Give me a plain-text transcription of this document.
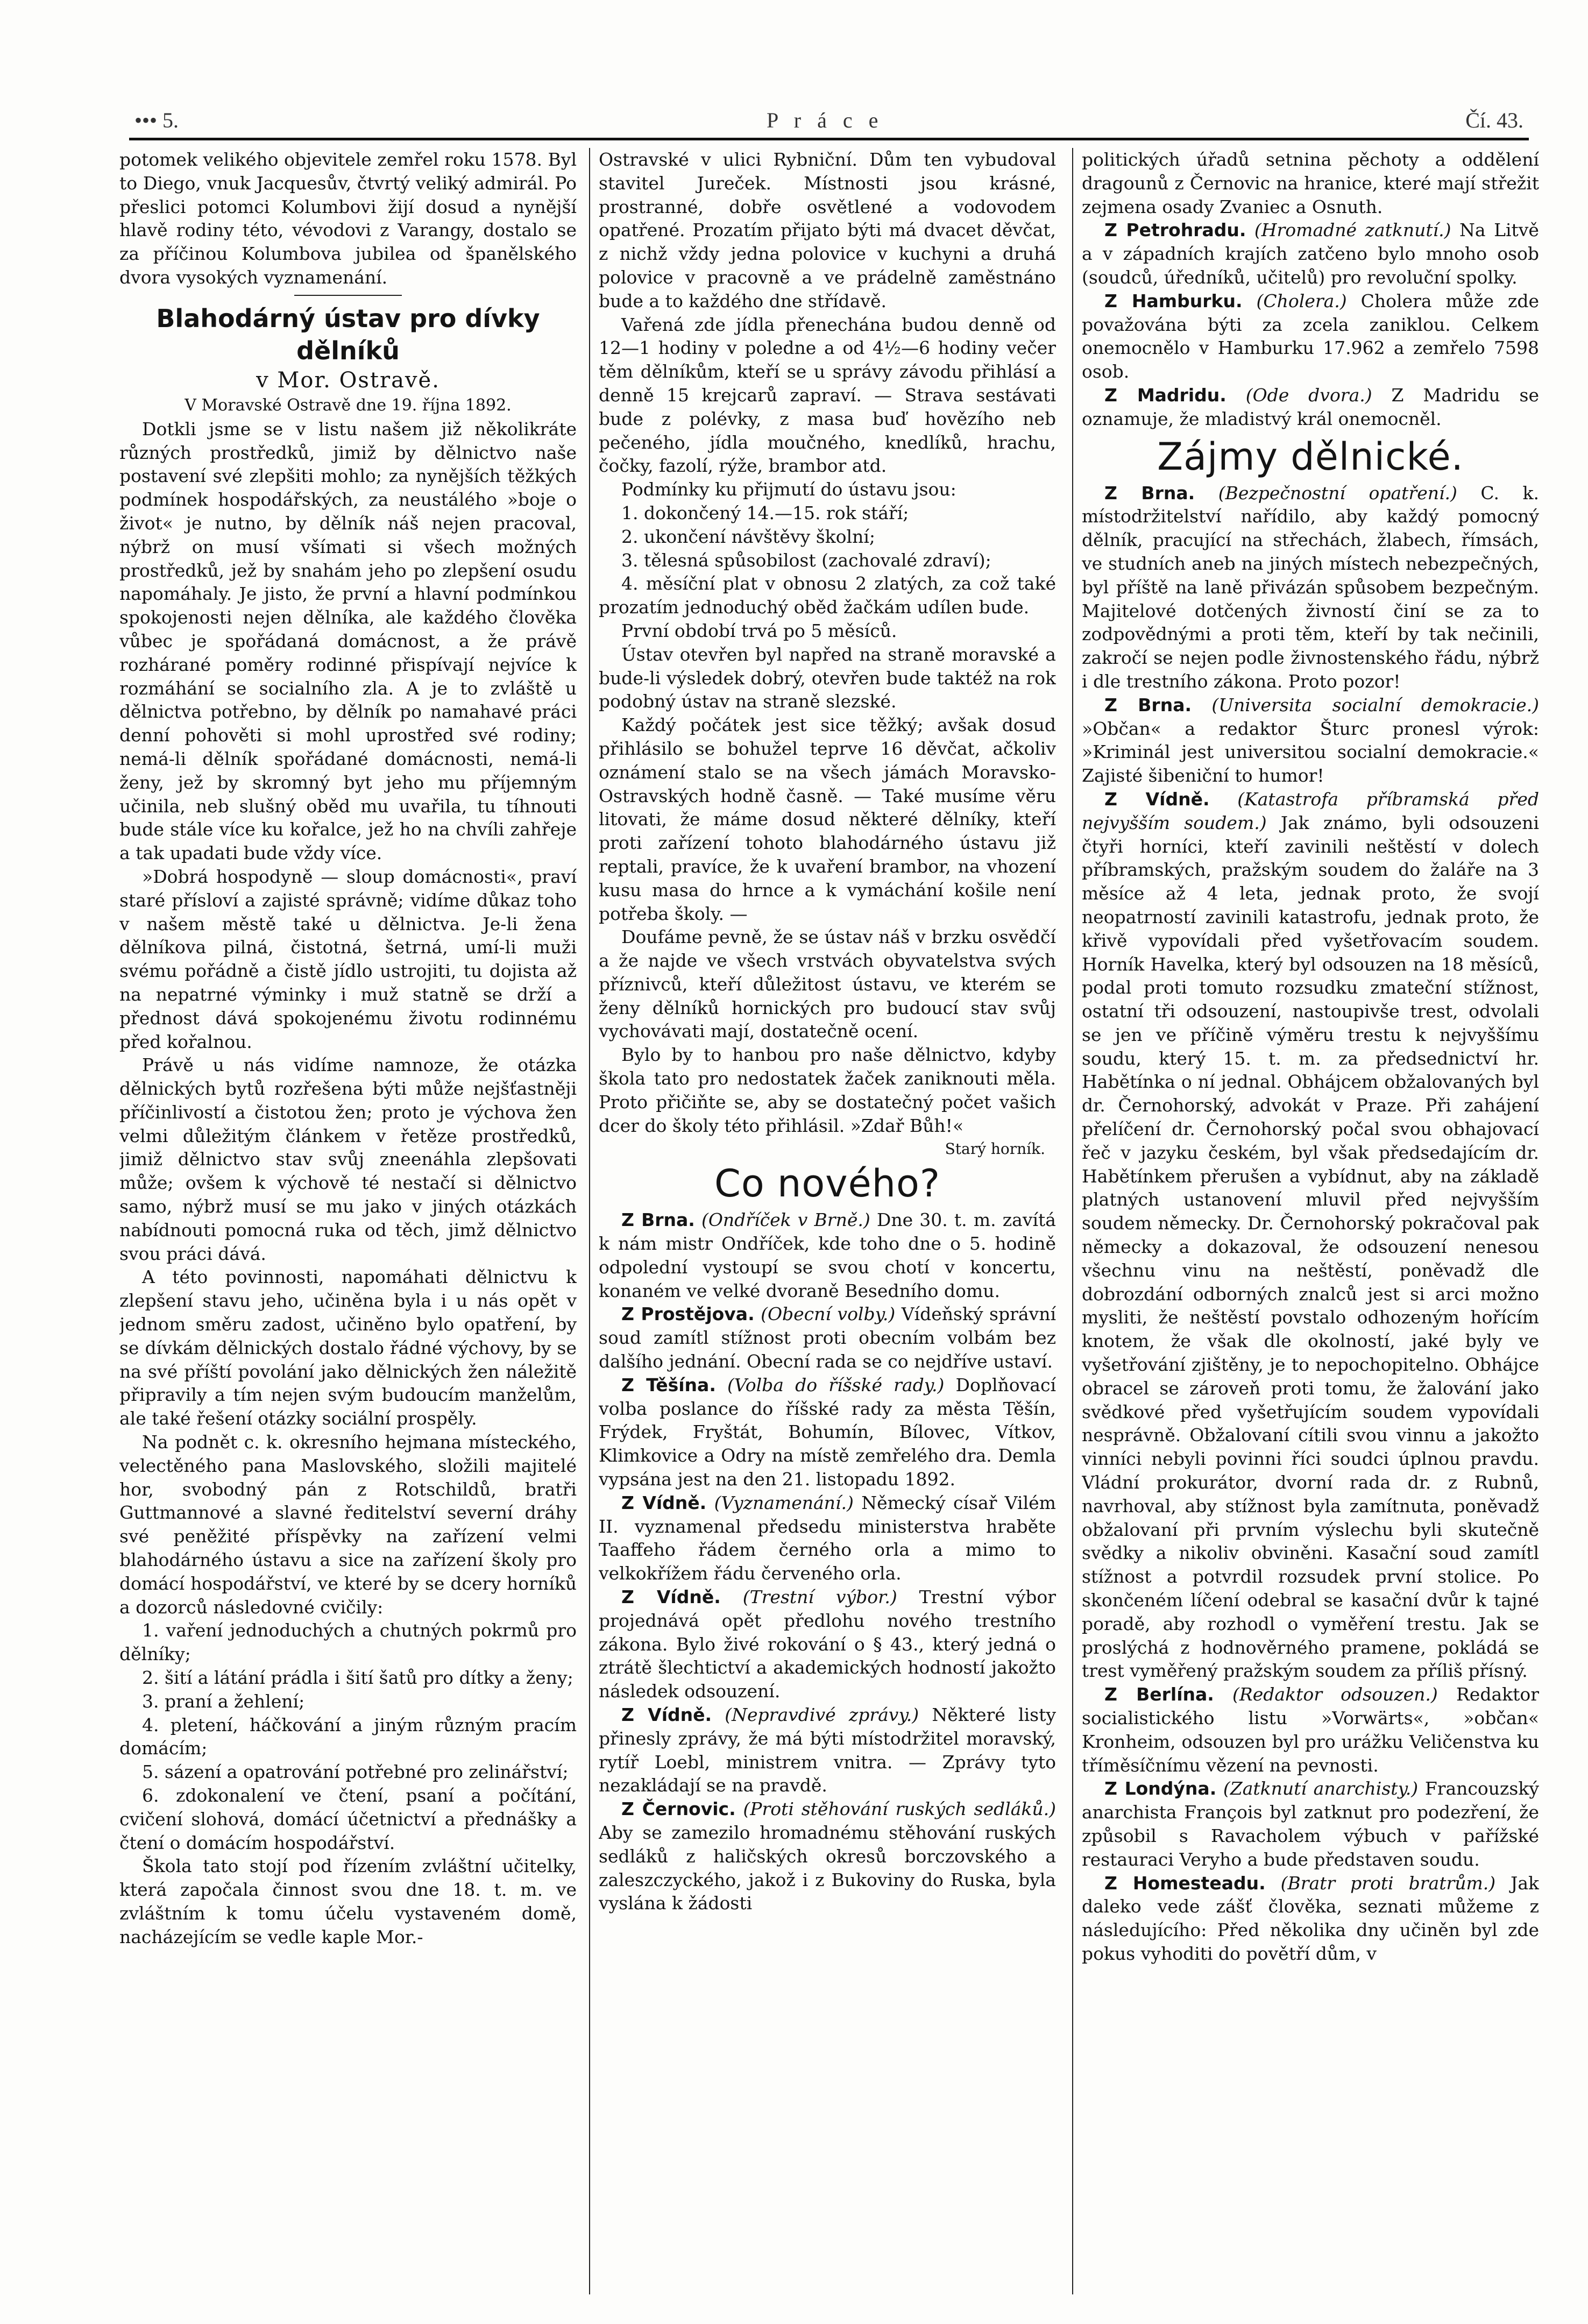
••• 5.	P r á c e	Čí. 43.

potomek velikého objevitele zemřel roku 1578. Byl to Diego, vnuk Jacquesův, čtvrtý veliký admirál. Po přeslici potomci Kolumbovi žijí dosud a nynější hlavě rodiny této, vévodovi z Varangy, dostalo se za příčinou Kolumbova jubilea od španělského dvora vysokých vyznamenání.

Blahodárný ústav pro dívky dělníků
v Mor. Ostravě.
V Moravské Ostravě dne 19. října 1892.

Dotkli jsme se v listu našem již několikráte různých prostředků, jimiž by dělnictvo naše postavení své zlepšiti mohlo; za nynějších těžkých podmínek hospodářských, za neustálého »boje o život« je nutno, by dělník náš nejen pracoval, nýbrž on musí všímati si všech možných prostředků, jež by snahám jeho po zlepšení osudu napomáhaly. Je jisto, že první a hlavní podmínkou spokojenosti nejen dělníka, ale každého člověka vůbec je spořádaná domácnost, a že právě rozhárané poměry rodinné přispívají nejvíce k rozmáhání se socialního zla. A je to zvláště u dělnictva potřebno, by dělník po namahavé práci denní pohověti si mohl uprostřed své rodiny; nemá-li dělník spořádané domácnosti, nemá-li ženy, jež by skromný byt jeho mu příjemným učinila, neb slušný oběd mu uvařila, tu tíhnouti bude stále více ku kořalce, jež ho na chvíli zahřeje a tak upadati bude vždy více.

»Dobrá hospodyně — sloup domácnosti«, praví staré přísloví a zajisté správně; vidíme důkaz toho v našem městě také u dělnictva. Je-li žena dělníkova pilná, čistotná, šetrná, umí-li muži svému pořádně a čistě jídlo ustrojiti, tu dojista až na nepatrné výminky i muž statně se drží a přednost dává spokojenému životu rodinnému před kořalnou.

Právě u nás vidíme namnoze, že otázka dělnických bytů rozřešena býti může nejšťastněji příčinlivostí a čistotou žen; proto je výchova žen velmi důležitým článkem v řetěze prostředků, jimiž dělnictvo stav svůj zneenáhla zlepšovati může; ovšem k výchově té nestačí si dělnictvo samo, nýbrž musí se mu jako v jiných otázkách nabídnouti pomocná ruka od těch, jimž dělnictvo svou práci dává.

A této povinnosti, napomáhati dělnictvu k zlepšení stavu jeho, učiněna byla i u nás opět v jednom směru zadost, učiněno bylo opatření, by se dívkám dělnických dostalo řádné výchovy, by se na své příští povolání jako dělnických žen náležitě připravily a tím nejen svým budoucím manželům, ale také řešení otázky sociální prospěly.

Na podnět c. k. okresního hejmana místeckého, velectěného pana Maslovského, složili majitelé hor, svobodný pán z Rotschildů, bratři Guttmannové a slavné ředitelství severní dráhy své peněžité příspěvky na zařízení velmi blahodárného ústavu a sice na zařízení školy pro domácí hospodářství, ve které by se dcery horníků a dozorců následovné cvičily:

1. vaření jednoduchých a chutných pokrmů pro dělníky;

2. šití a látání prádla i šití šatů pro dítky a ženy;

3. praní a žehlení;

4. pletení, háčkování a jiným různým pracím domácím;

5. sázení a opatrování potřebné pro zelinářství;

6. zdokonalení ve čtení, psaní a počítání, cvičení slohová, domácí účetnictví a přednášky a čtení o domácím hospodářství.

Škola tato stojí pod řízením zvláštní učitelky, která započala činnost svou dne 18. t. m. ve zvláštním k tomu účelu vystaveném domě, nacházejícím se vedle kaple Mor.-

Ostravské v ulici Rybniční. Dům ten vybudoval stavitel Jureček. Místnosti jsou krásné, prostranné, dobře osvětlené a vodovodem opatřené. Prozatím přijato býti má dvacet děvčat, z nichž vždy jedna polovice v kuchyni a druhá polovice v pracovně a ve prádelně zaměstnáno bude a to každého dne střídavě.

Vařená zde jídla přenechána budou denně od 12—1 hodiny v poledne a od 4½—6 hodiny večer těm dělníkům, kteří se u správy závodu přihlásí a denně 15 krejcarů zapraví. — Strava sestávati bude z polévky, z masa buď hovězího neb pečeného, jídla moučného, knedlíků, hrachu, čočky, fazolí, rýže, brambor atd.

Podmínky ku přijmutí do ústavu jsou:

1. dokončený 14.—15. rok stáří;

2. ukončení návštěvy školní;

3. tělesná spůsobilost (zachovalé zdraví);

4. měsíční plat v obnosu 2 zlatých, za což také prozatím jednoduchý oběd žačkám udílen bude.

První období trvá po 5 měsíců.

Ústav otevřen byl napřed na straně moravské a bude-li výsledek dobrý, otevřen bude taktéž na rok podobný ústav na straně slezské.

Každý počátek jest sice těžký; avšak dosud přihlásilo se bohužel teprve 16 děvčat, ačkoliv oznámení stalo se na všech jámách Moravsko-Ostravských hodně časně. — Také musíme věru litovati, že máme dosud některé dělníky, kteří proti zařízení tohoto blahodárného ústavu již reptali, pravíce, že k uvaření brambor, na vhození kusu masa do hrnce a k vymáchání košile není potřeba školy. —

Doufáme pevně, že se ústav náš v brzku osvědčí a že najde ve všech vrstvách obyvatelstva svých příznivců, kteří důležitost ústavu, ve kterém se ženy dělníků hornických pro budoucí stav svůj vychovávati mají, dostatečně ocení.

Bylo by to hanbou pro naše dělnictvo, kdyby škola tato pro nedostatek žaček zaniknouti měla. Proto přičiňte se, aby se dostatečný počet vašich dcer do školy této přihlásil. »Zdař Bůh!«
Starý horník.

Co nového?

Z Brna. (Ondříček v Brně.) Dne 30. t. m. zavítá k nám mistr Ondříček, kde toho dne o 5. hodině odpolední vystoupí se svou chotí v koncertu, konaném ve velké dvoraně Besedního domu.

Z Prostějova. (Obecní volby.) Vídeňský správní soud zamítl stížnost proti obecním volbám bez dalšího jednání. Obecní rada se co nejdříve ustaví.

Z Těšína. (Volba do říšské rady.) Doplňovací volba poslance do říšské rady za města Těšín, Frýdek, Fryštát, Bohumín, Bílovec, Vítkov, Klimkovice a Odry na místě zemřelého dra. Demla vypsána jest na den 21. listopadu 1892.

Z Vídně. (Vyznamenání.) Německý císař Vilém II. vyznamenal předsedu ministerstva hraběte Taaffeho řádem černého orla a mimo to velkokřížem řádu červeného orla.

Z Vídně. (Trestní výbor.) Trestní výbor projednává opět předlohu nového trestního zákona. Bylo živé rokování o § 43., který jedná o ztrátě šlechtictví a akademických hodností jakožto následek odsouzení.

Z Vídně. (Nepravdivé zprávy.) Některé listy přinesly zprávy, že má býti místodržitel moravský, rytíř Loebl, ministrem vnitra. — Zprávy tyto nezakládají se na pravdě.

Z Černovic. (Proti stěhování ruských sedláků.) Aby se zamezilo hromadnému stěhování ruských sedláků z haličských okresů borczovského a zaleszczyckého, jakož i z Bukoviny do Ruska, byla vyslána k žádosti

politických úřadů setnina pěchoty a oddělení dragounů z Černovic na hranice, které mají střežit zejmena osady Zvaniec a Osnuth.

Z Petrohradu. (Hromadné zatknutí.) Na Litvě a v západních krajích zatčeno bylo mnoho osob (soudců, úředníků, učitelů) pro revoluční spolky.

Z Hamburku. (Cholera.) Cholera může zde považována býti za zcela zaniklou. Celkem onemocnělo v Hamburku 17.962 a zemřelo 7598 osob.

Z Madridu. (Ode dvora.) Z Madridu se oznamuje, že mladistvý král onemocněl.

Zájmy dělnické.

Z Brna. (Bezpečnostní opatření.) C. k. místodržitelství nařídilo, aby každý pomocný dělník, pracující na střechách, žlabech, římsách, ve studních aneb na jiných místech nebezpečných, byl příště na laně přivázán spůsobem bezpečným. Majitelové dotčených živností činí se za to zodpovědnými a proti těm, kteří by tak nečinili, zakročí se nejen podle živnostenského řádu, nýbrž i dle trestního zákona. Proto pozor!

Z Brna. (Universita socialní demokracie.) »Občan« a redaktor Šturc pronesl výrok: »Kriminál jest universitou socialní demokracie.« Zajisté šibeniční to humor!

Z Vídně. (Katastrofa příbramská před nejvyšším soudem.) Jak známo, byli odsouzeni čtyři horníci, kteří zavinili neštěstí v dolech příbramských, pražským soudem do žaláře na 3 měsíce až 4 leta, jednak proto, že svojí neopatrností zavinili katastrofu, jednak proto, že křivě vypovídali před vyšetřovacím soudem. Horník Havelka, který byl odsouzen na 18 měsíců, podal proti tomuto rozsudku zmateční stížnost, ostatní tři odsouzení, nastoupivše trest, odvolali se jen ve příčině výměru trestu k nejvyššímu soudu, který 15. t. m. za předsednictví hr. Habětínka o ní jednal. Obhájcem obžalovaných byl dr. Černohorský, advokát v Praze. Při zahájení přelíčení dr. Černohorský počal svou obhajovací řeč v jazyku českém, byl však předsedajícím dr. Habětínkem přerušen a vybídnut, aby na základě platných ustanovení mluvil před nejvyšším soudem německy. Dr. Černohorský pokračoval pak německy a dokazoval, že odsouzení nenesou všechnu vinu na neštěstí, poněvadž dle dobrozdání odborných znalců jest si arci možno mysliti, že neštěstí povstalo odhozeným hořícím knotem, že však dle okolností, jaké byly ve vyšetřování zjištěny, je to nepochopitelno. Obhájce obracel se zároveň proti tomu, že žalování jako svědkové před vyšetřujícím soudem vypovídali nesprávně. Obžalovaní cítili svou vinnu a jakožto vinníci nebyli povinni říci soudci úplnou pravdu. Vládní prokurátor, dvorní rada dr. z Rubnů, navrhoval, aby stížnost byla zamítnuta, poněvadž obžalovaní při prvním výslechu byli skutečně svědky a nikoliv obviněni. Kasační soud zamítl stížnost a potvrdil rozsudek první stolice. Po skončeném líčení odebral se kasační dvůr k tajné poradě, aby rozhodl o vyměření trestu. Jak se proslýchá z hodnověrného pramene, pokládá se trest vyměřený pražským soudem za příliš přísný.

Z Berlína. (Redaktor odsouzen.) Redaktor socialistického listu »Vorwärts«, »občan« Kronheim, odsouzen byl pro urážku Veličenstva ku tříměsíčnímu vězení na pevnosti.

Z Londýna. (Zatknutí anarchisty.) Francouzský anarchista François byl zatknut pro podezření, že způsobil s Ravacholem výbuch v pařížské restauraci Veryho a bude představen soudu.

Z Homesteadu. (Bratr proti bratrům.) Jak daleko vede zášť člověka, seznati můžeme z následujícího: Před několika dny učiněn byl zde pokus vyhoditi do povětří dům, v
